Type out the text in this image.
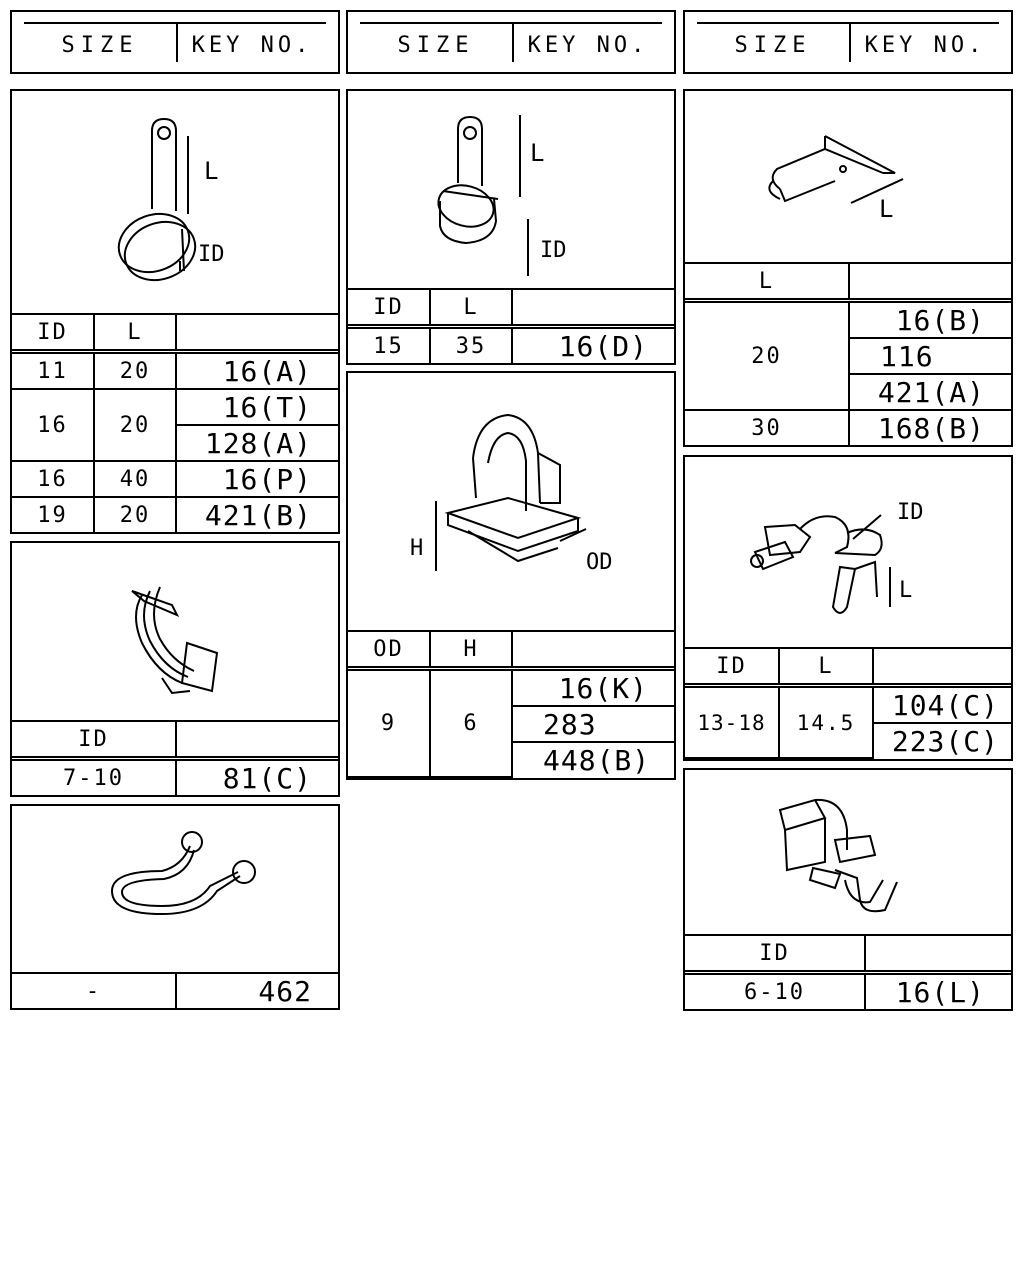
SIZE	KEY NO.	SIZE	KEY NO.	SIZE	KEY NO.
L
ID
ID	L	
11	20	16(A)
16	20	16(T)
		128(A)
16	40	16(P)
19	20	421(B)
ID	
7-10	81(C)
-	462
L
ID
ID	L	
15	35	16(D)
H
OD
OD	H	
9	6	16(K)
		283
		448(B)
L
L	
20	16(B)
	116
	421(A)
30	168(B)
ID
L
ID	L	
13-18	14.5	104(C)
		223(C)
ID	
6-10	16(L)
